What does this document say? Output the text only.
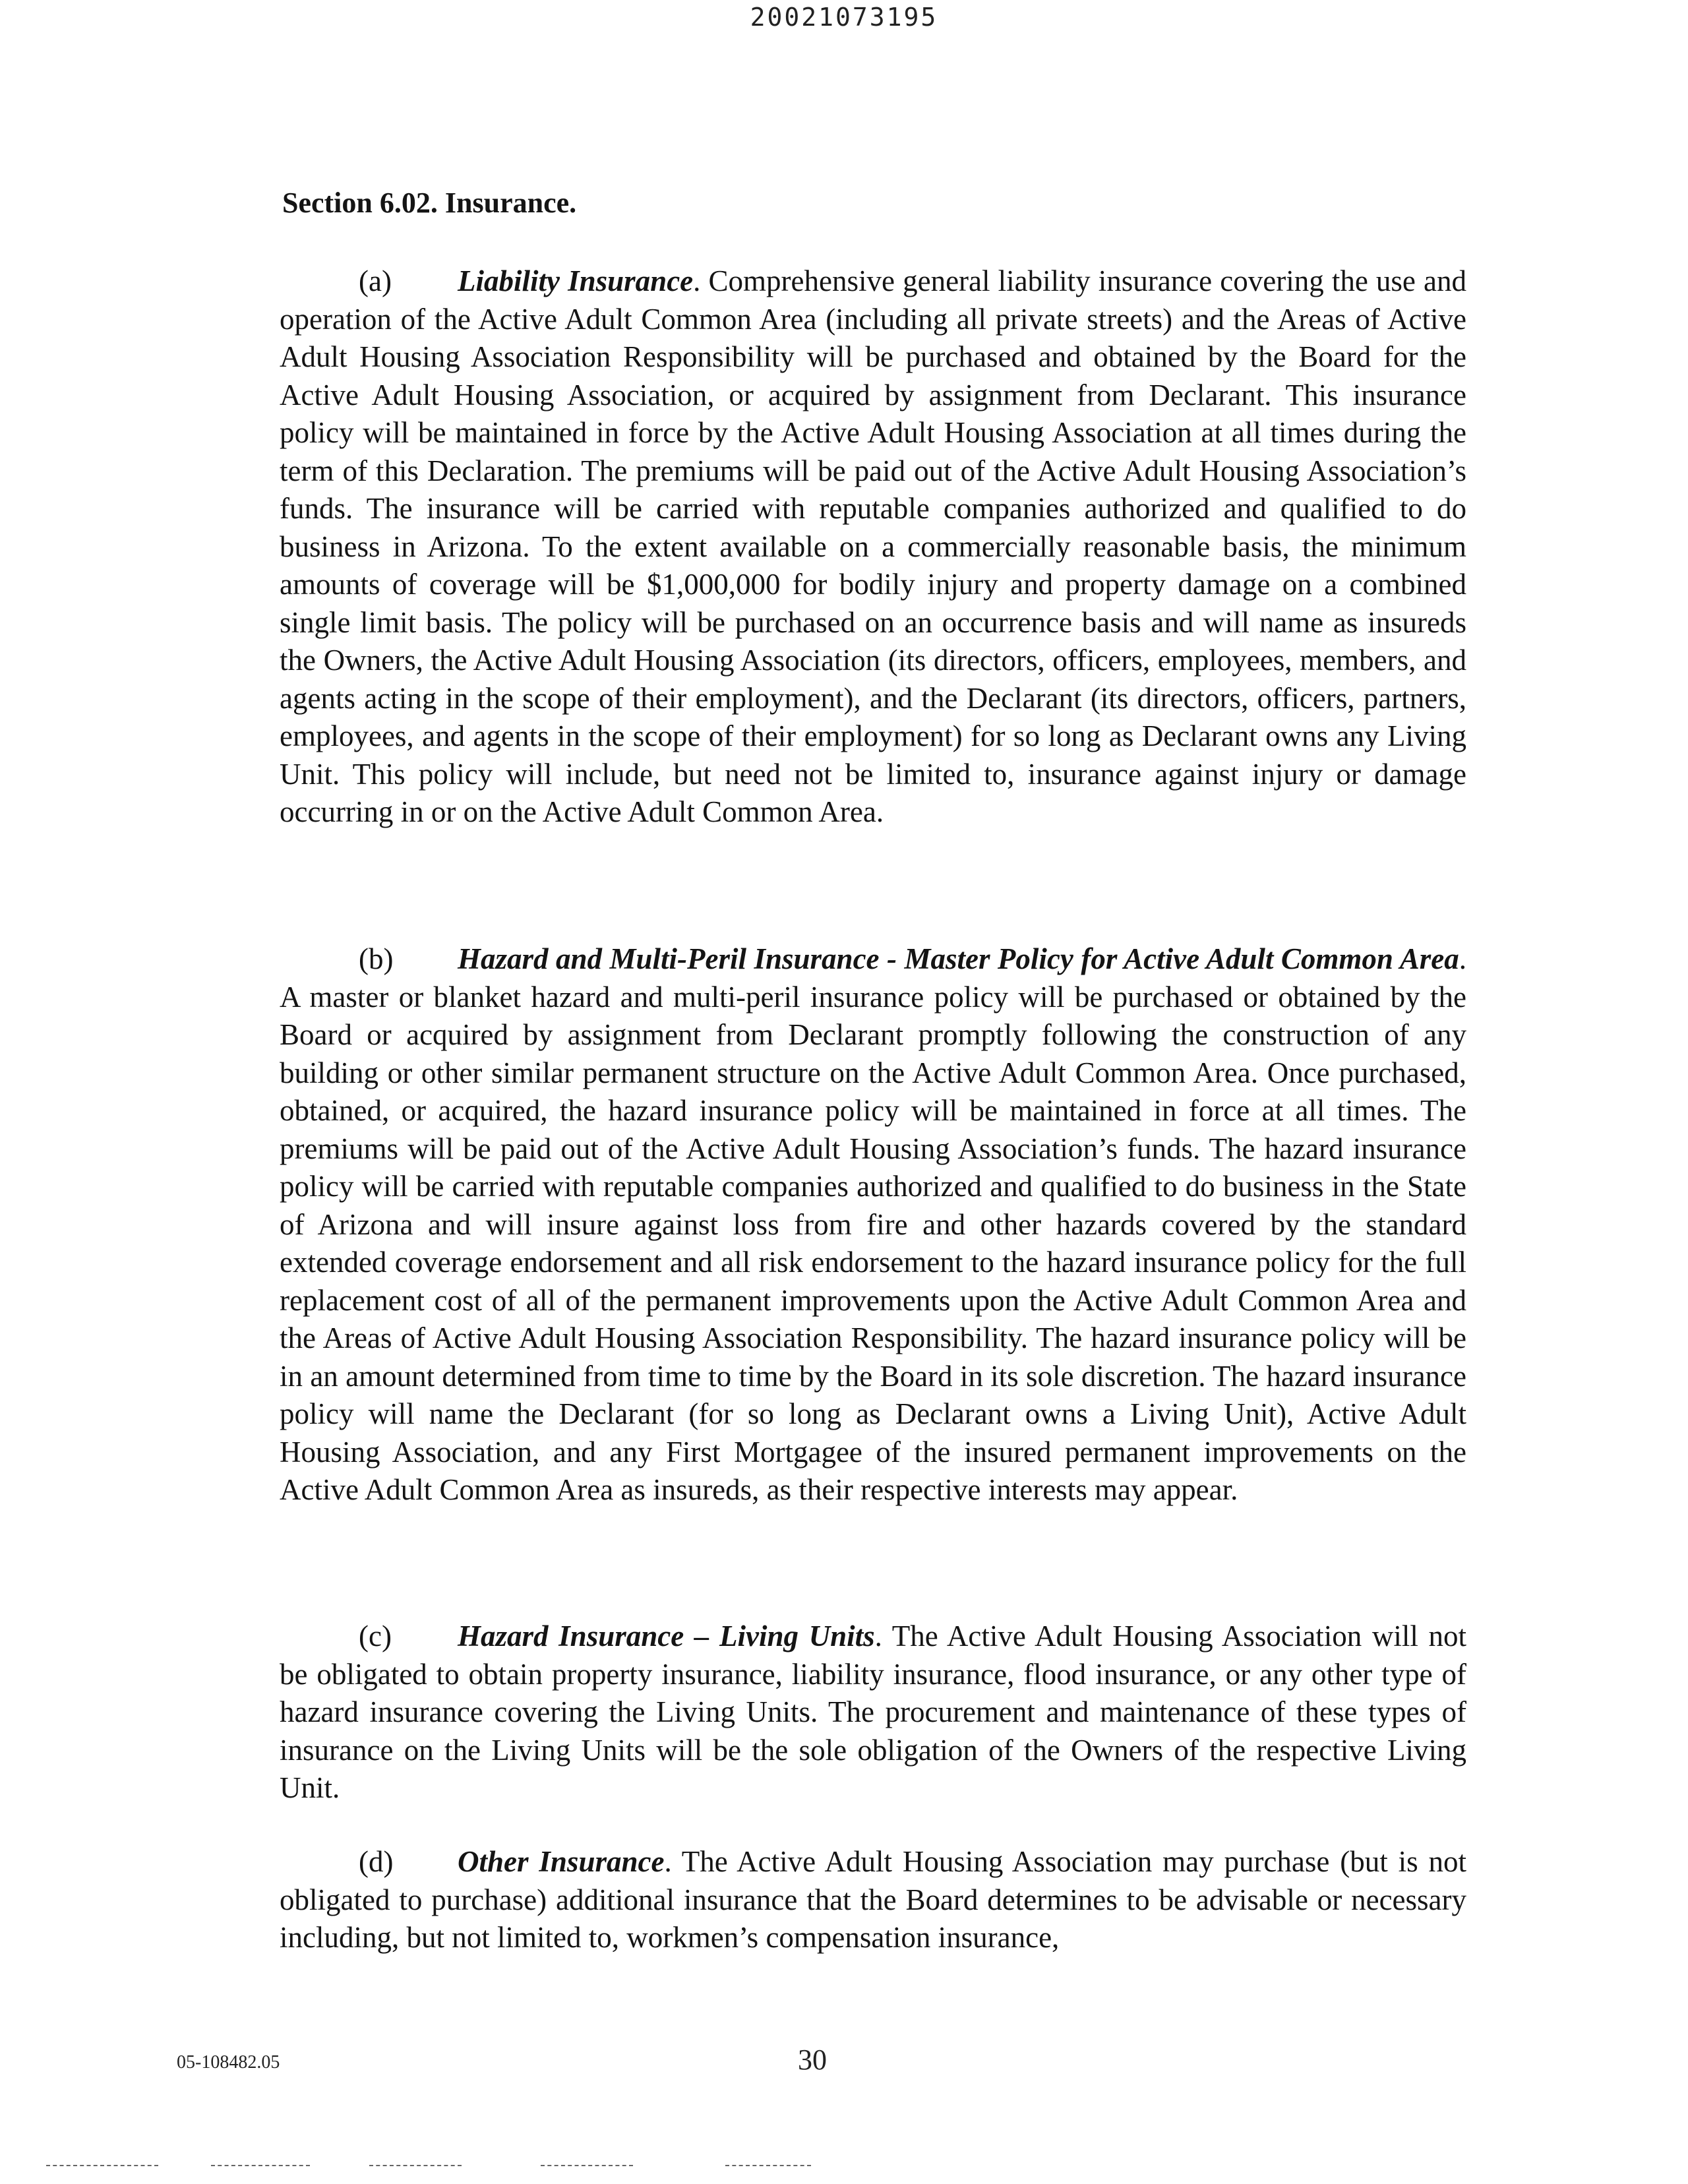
20021073195
Section 6.02. Insurance.

(a) Liability Insurance. Comprehensive general liability insurance covering the use and operation of the Active Adult Common Area (including all private streets) and the Areas of Active Adult Housing Association Responsibility will be purchased and obtained by the Board for the Active Adult Housing Association, or acquired by assignment from Declarant. This insurance policy will be maintained in force by the Active Adult Housing Association at all times during the term of this Declaration. The premiums will be paid out of the Active Adult Housing Association’s funds. The insurance will be carried with reputable companies authorized and qualified to do business in Arizona. To the extent available on a commercially reasonable basis, the minimum amounts of coverage will be $1,000,000 for bodily injury and property damage on a combined single limit basis. The policy will be purchased on an occurrence basis and will name as insureds the Owners, the Active Adult Housing Association (its directors, officers, employees, members, and agents acting in the scope of their employment), and the Declarant (its directors, officers, partners, employees, and agents in the scope of their employment) for so long as Declarant owns any Living Unit. This policy will include, but need not be limited to, insurance against injury or damage occurring in or on the Active Adult Common Area.

(b) Hazard and Multi-Peril Insurance - Master Policy for Active Adult Common Area. A master or blanket hazard and multi-peril insurance policy will be purchased or obtained by the Board or acquired by assignment from Declarant promptly following the construction of any building or other similar permanent structure on the Active Adult Common Area. Once purchased, obtained, or acquired, the hazard insurance policy will be maintained in force at all times. The premiums will be paid out of the Active Adult Housing Association’s funds. The hazard insurance policy will be carried with reputable companies authorized and qualified to do business in the State of Arizona and will insure against loss from fire and other hazards covered by the standard extended coverage endorsement and all risk endorsement to the hazard insurance policy for the full replacement cost of all of the permanent improvements upon the Active Adult Common Area and the Areas of Active Adult Housing Association Responsibility. The hazard insurance policy will be in an amount determined from time to time by the Board in its sole discretion. The hazard insurance policy will name the Declarant (for so long as Declarant owns a Living Unit), Active Adult Housing Association, and any First Mortgagee of the insured permanent improvements on the Active Adult Common Area as insureds, as their respective interests may appear.

(c) Hazard Insurance – Living Units. The Active Adult Housing Association will not be obligated to obtain property insurance, liability insurance, flood insurance, or any other type of hazard insurance covering the Living Units. The procurement and maintenance of these types of insurance on the Living Units will be the sole obligation of the Owners of the respective Living Unit.

(d) Other Insurance. The Active Adult Housing Association may purchase (but is not obligated to purchase) additional insurance that the Board determines to be advisable or necessary including, but not limited to, workmen’s compensation insurance,

05-108482.05	30
